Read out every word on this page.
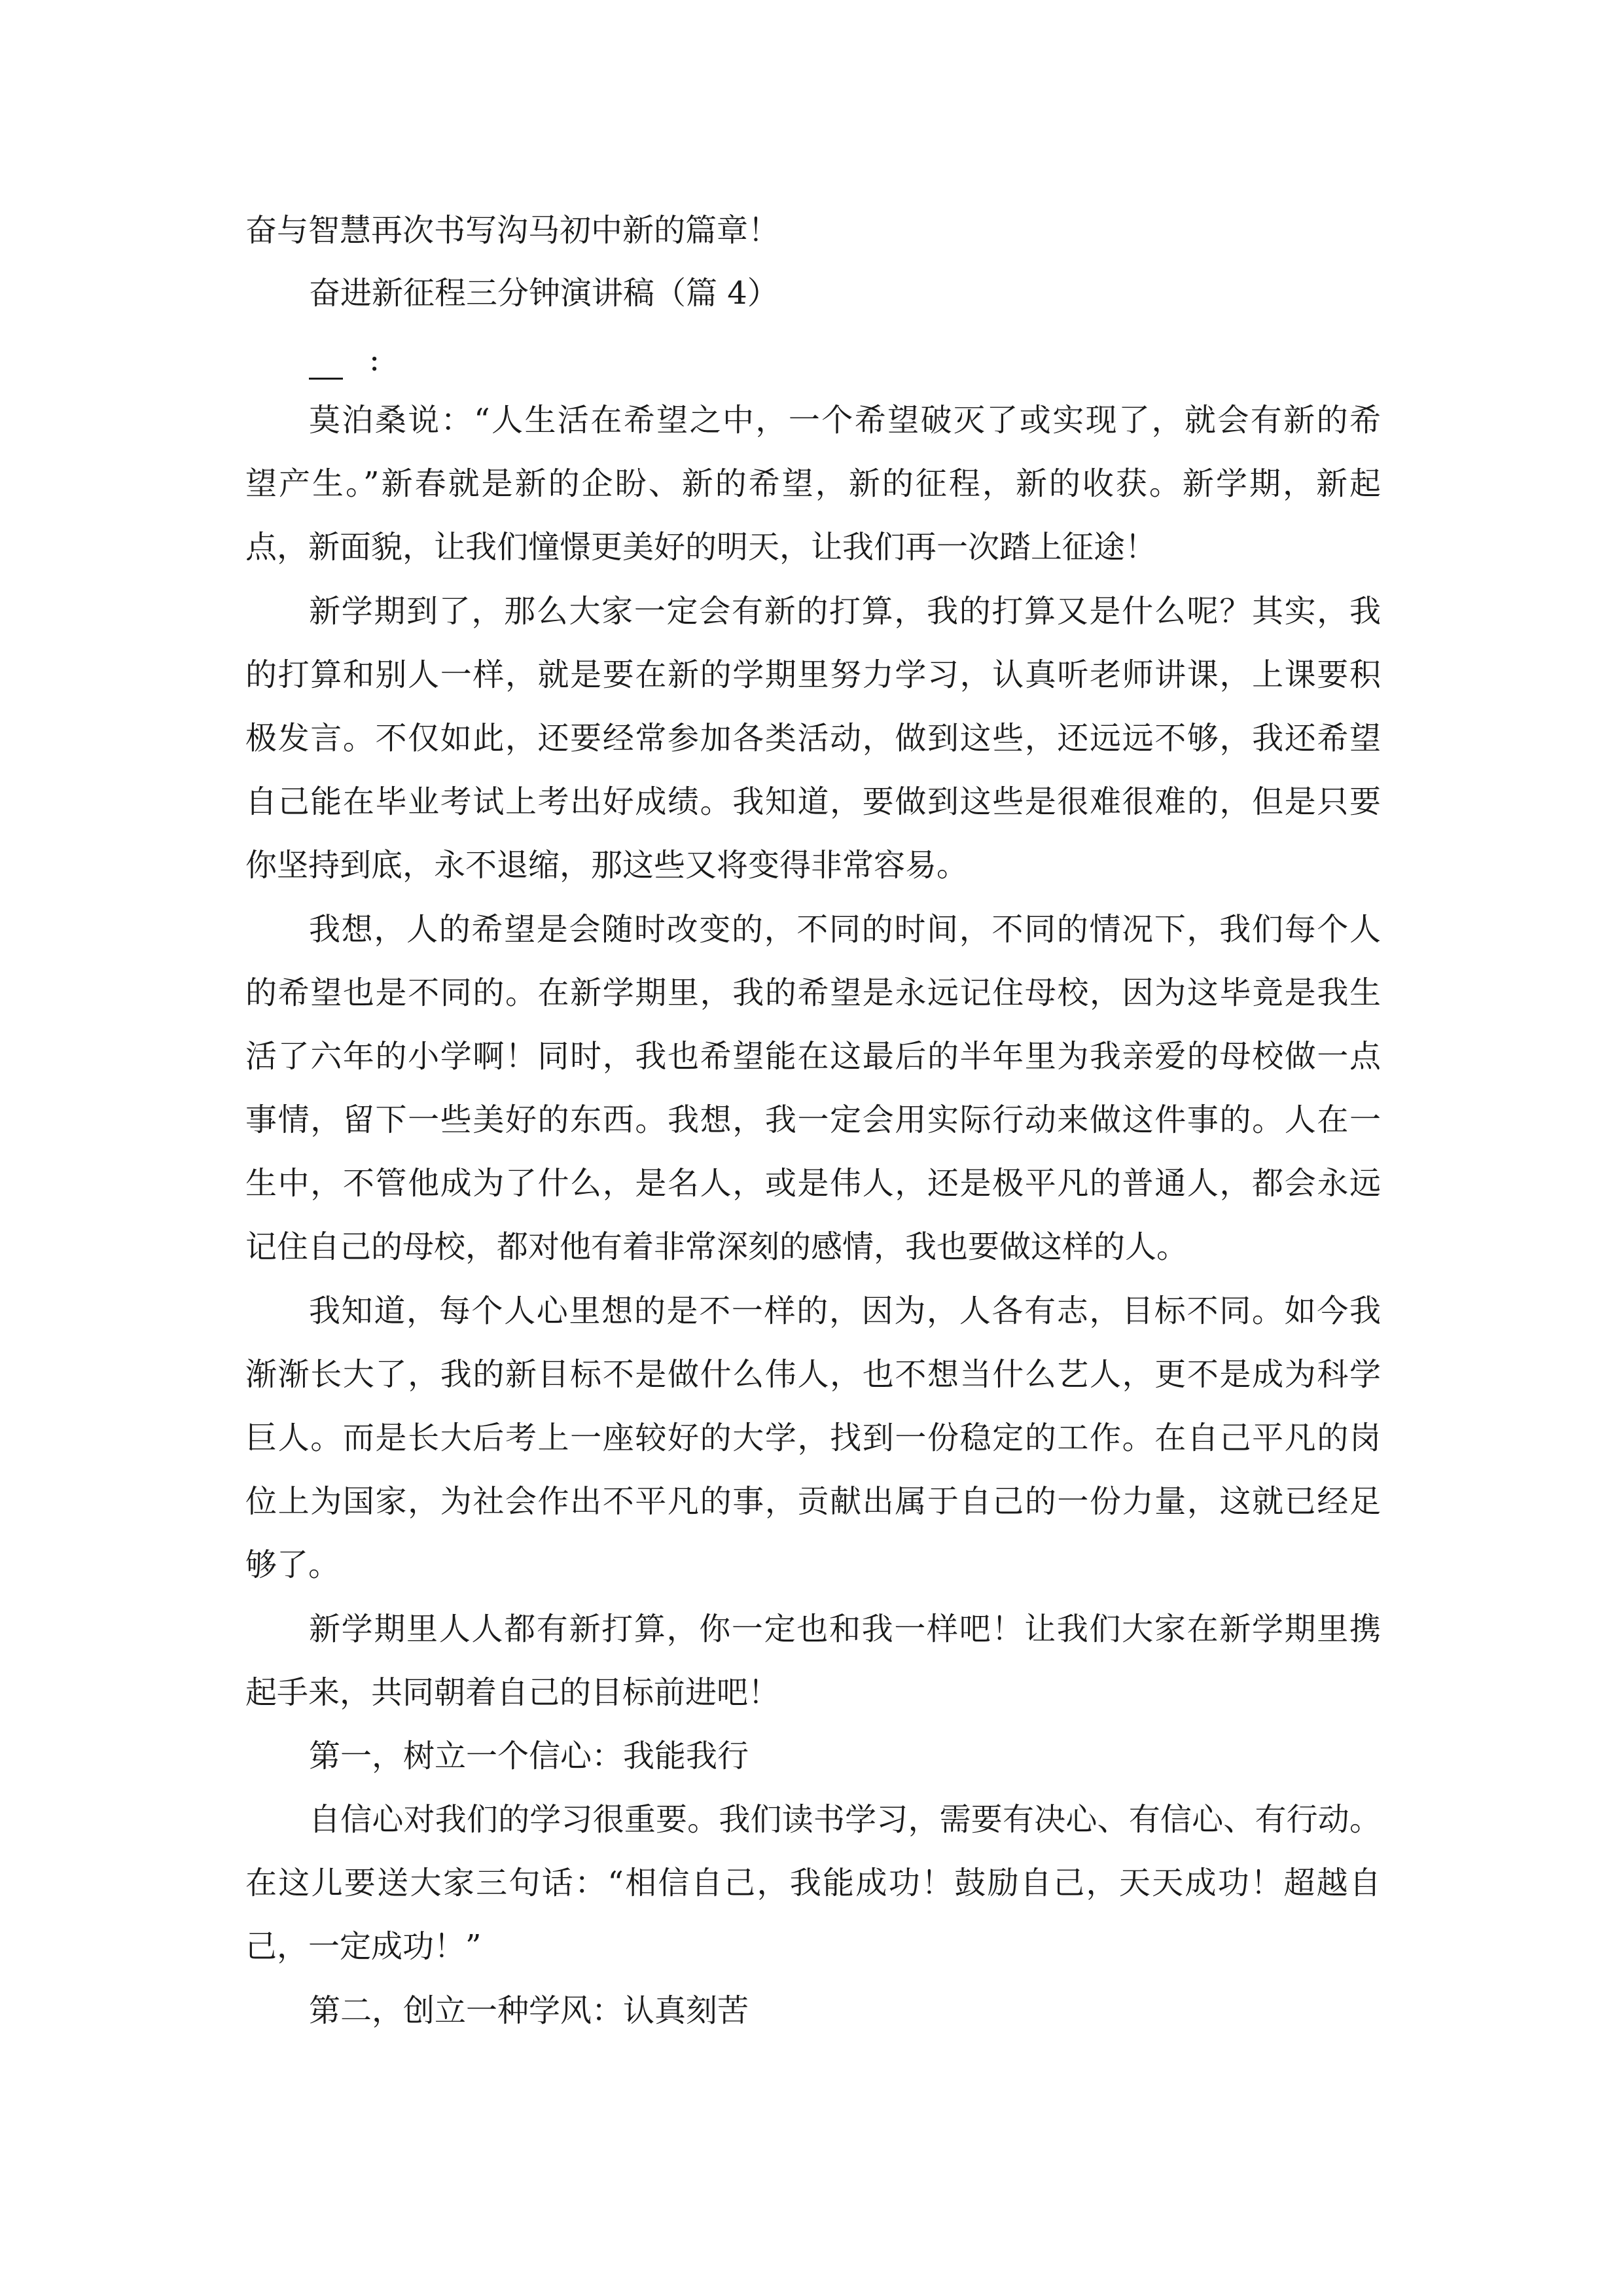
奋与智慧再次书写沟马初中新的篇章！
奋进新征程三分钟演讲稿（篇 4）
:
莫泊桑说：“人生活在希望之中，一个希望破灭了或实现了，就会有新的希
望产生。”新春就是新的企盼、新的希望，新的征程，新的收获。新学期，新起
点，新面貌，让我们憧憬更美好的明天，让我们再一次踏上征途！
新学期到了，那么大家一定会有新的打算，我的打算又是什么呢？其实，我
的打算和别人一样，就是要在新的学期里努力学习，认真听老师讲课，上课要积
极发言。不仅如此，还要经常参加各类活动，做到这些，还远远不够，我还希望
自己能在毕业考试上考出好成绩。我知道，要做到这些是很难很难的，但是只要
你坚持到底，永不退缩，那这些又将变得非常容易。
我想，人的希望是会随时改变的，不同的时间，不同的情况下，我们每个人
的希望也是不同的。在新学期里，我的希望是永远记住母校，因为这毕竟是我生
活了六年的小学啊！同时，我也希望能在这最后的半年里为我亲爱的母校做一点
事情，留下一些美好的东西。我想，我一定会用实际行动来做这件事的。人在一
生中，不管他成为了什么，是名人，或是伟人，还是极平凡的普通人，都会永远
记住自己的母校，都对他有着非常深刻的感情，我也要做这样的人。
我知道，每个人心里想的是不一样的，因为，人各有志，目标不同。如今我
渐渐长大了，我的新目标不是做什么伟人，也不想当什么艺人，更不是成为科学
巨人。而是长大后考上一座较好的大学，找到一份稳定的工作。在自己平凡的岗
位上为国家，为社会作出不平凡的事，贡献出属于自己的一份力量，这就已经足
够了。
新学期里人人都有新打算，你一定也和我一样吧！让我们大家在新学期里携
起手来，共同朝着自己的目标前进吧！
第一，树立一个信心：我能我行
自信心对我们的学习很重要。我们读书学习，需要有决心、有信心、有行动。
在这儿要送大家三句话：“相信自己，我能成功！鼓励自己，天天成功！超越自
己，一定成功！”
第二，创立一种学风：认真刻苦
